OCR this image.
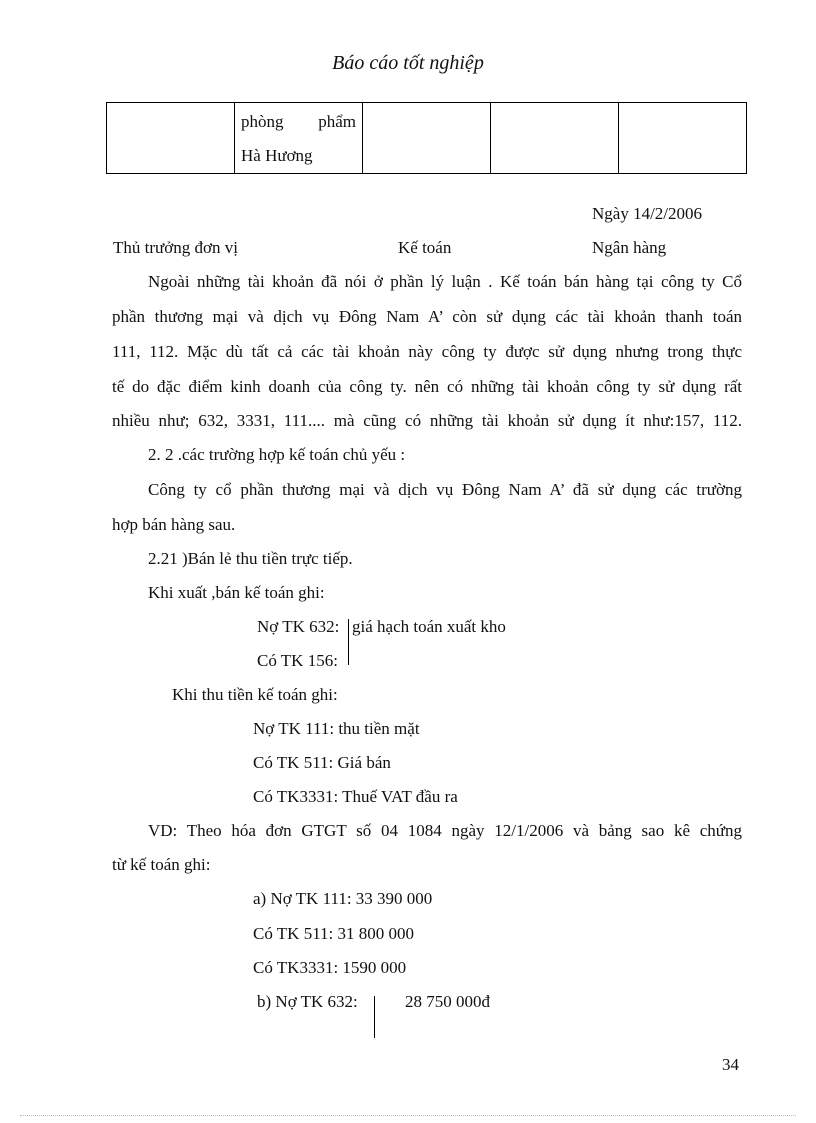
Báo cáo tốt nghiệp

phòng phẩm
Hà Hương

Ngày 14/2/2006
Thủ trưởng đơn vị	Kế toán	Ngân hàng
Ngoài những tài khoản đã nói ở phần lý luận . Kế toán bán hàng tại công ty Cổ
phần thương mại và dịch vụ Đông Nam A’ còn sử dụng các tài khoản thanh toán
111, 112. Mặc dù tất cả các tài khoản này công ty được sử dụng nhưng trong thực
tế do đặc điểm kinh doanh của công ty. nên có những tài khoản công ty sử dụng rất
nhiều như; 632, 3331, 111.... mà cũng có những tài khoản sử dụng ít như:157, 112.
2. 2 .các trường hợp kế toán chủ yếu :
Công ty cổ phần thương mại và dịch vụ Đông Nam A’ đã sử dụng các trường
hợp bán hàng sau.
2.21 )Bán lẻ thu tiền trực tiếp.
Khi xuất ,bán kế toán ghi:
Nợ TK 632: giá hạch toán xuất kho
Có TK 156:
Khi thu tiền kế toán ghi:
Nợ TK 111: thu tiền mặt
Có TK 511: Giá bán
Có TK3331: Thuế VAT đầu ra
VD: Theo hóa đơn GTGT số 04 1084 ngày 12/1/2006 và bảng sao kê chứng
từ kế toán ghi:
a) Nợ TK 111: 33 390 000
Có TK 511: 31 800 000
Có TK3331: 1590 000
b) Nợ TK 632:	28 750 000đ
34
